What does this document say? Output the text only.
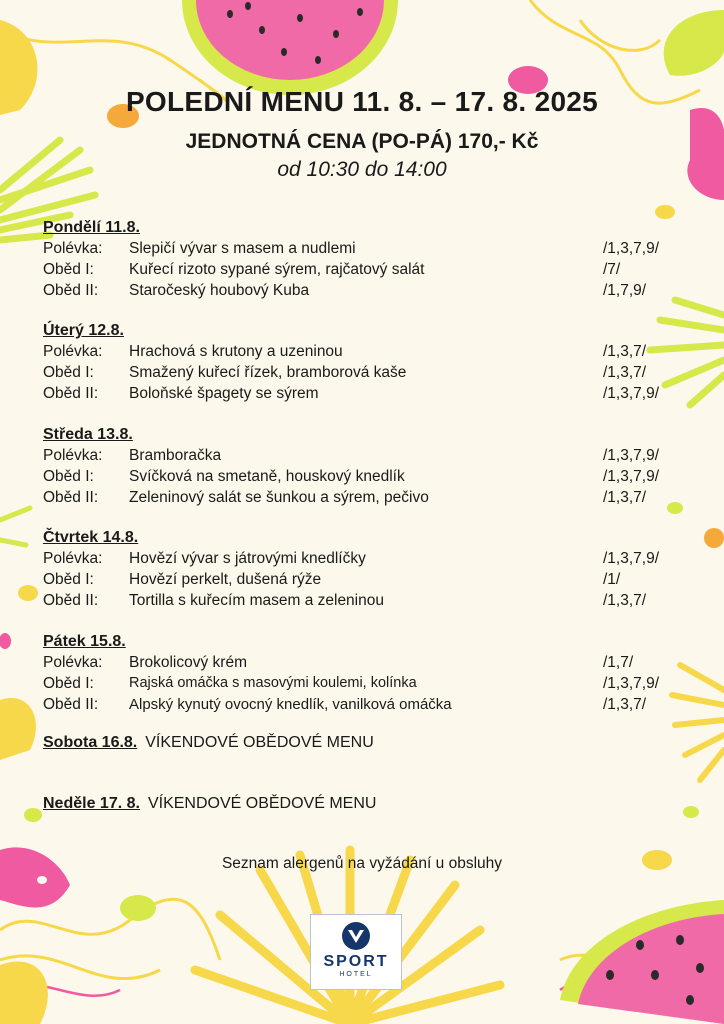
POLEDNÍ MENU 11. 8. – 17. 8. 2025
JEDNOTNÁ CENA (PO-PÁ) 170,- Kč
od 10:30 do 14:00
Pondělí 11.8.
Polévka: Slepičí vývar s masem a nudlemi	/1,3,7,9/
Oběd I: Kuřecí rizoto sypané sýrem, rajčatový salát	/7/
Oběd II: Staročeský houbový Kuba	/1,7,9/
Úterý 12.8.
Polévka: Hrachová s krutony a uzeninou	/1,3,7/
Oběd I: Smažený kuřecí řízek, bramborová kaše	/1,3,7/
Oběd II: Boloňské špagety se sýrem	/1,3,7,9/
Středa 13.8.
Polévka: Bramboračka	/1,3,7,9/
Oběd I: Svíčková na smetaně, houskový knedlík	/1,3,7,9/
Oběd II: Zeleninový salát se šunkou a sýrem, pečivo	/1,3,7/
Čtvrtek 14.8.
Polévka: Hovězí vývar s játrovými knedlíčky	/1,3,7,9/
Oběd I: Hovězí perkelt, dušená rýže	/1/
Oběd II: Tortilla s kuřecím masem a zeleninou	/1,3,7/
Pátek 15.8.
Polévka: Brokolicový krém	/1,7/
Oběd I: Rajská omáčka s masovými koulemi, kolínka	/1,3,7,9/
Oběd II: Alpský kynutý ovocný knedlík, vanilková omáčka	/1,3,7/
Sobota 16.8. VÍKENDOVÉ OBĚDOVÉ MENU
Neděle 17. 8. VÍKENDOVÉ OBĚDOVÉ MENU
Seznam alergenů na vyžádání u obsluhy
SPORT
HOTEL
